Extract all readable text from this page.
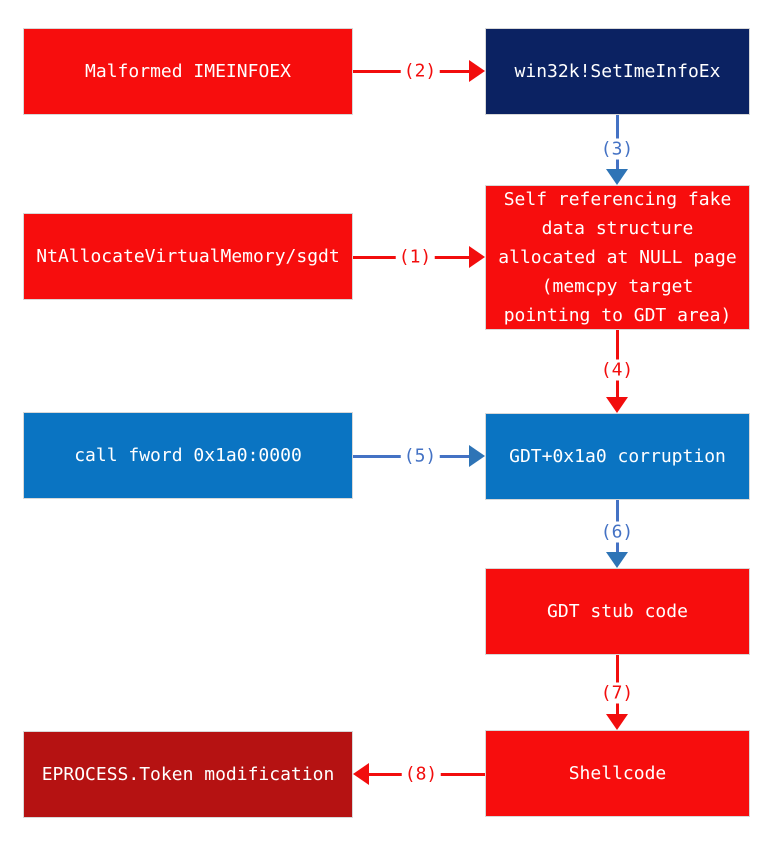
Malformed IMEINFOEX	win32k!SetImeInfoEx
NtAllocateVirtualMemory/sgdt
Self referencing fake data structure allocated at NULL page (memcpy target pointing to GDT area)
call fword 0x1a0:0000	GDT+0x1a0 corruption
GDT stub code
Shellcode
EPROCESS.Token modification
(2)
(3)
(1)
(4)
(5)
(6)
(7)
(8)
